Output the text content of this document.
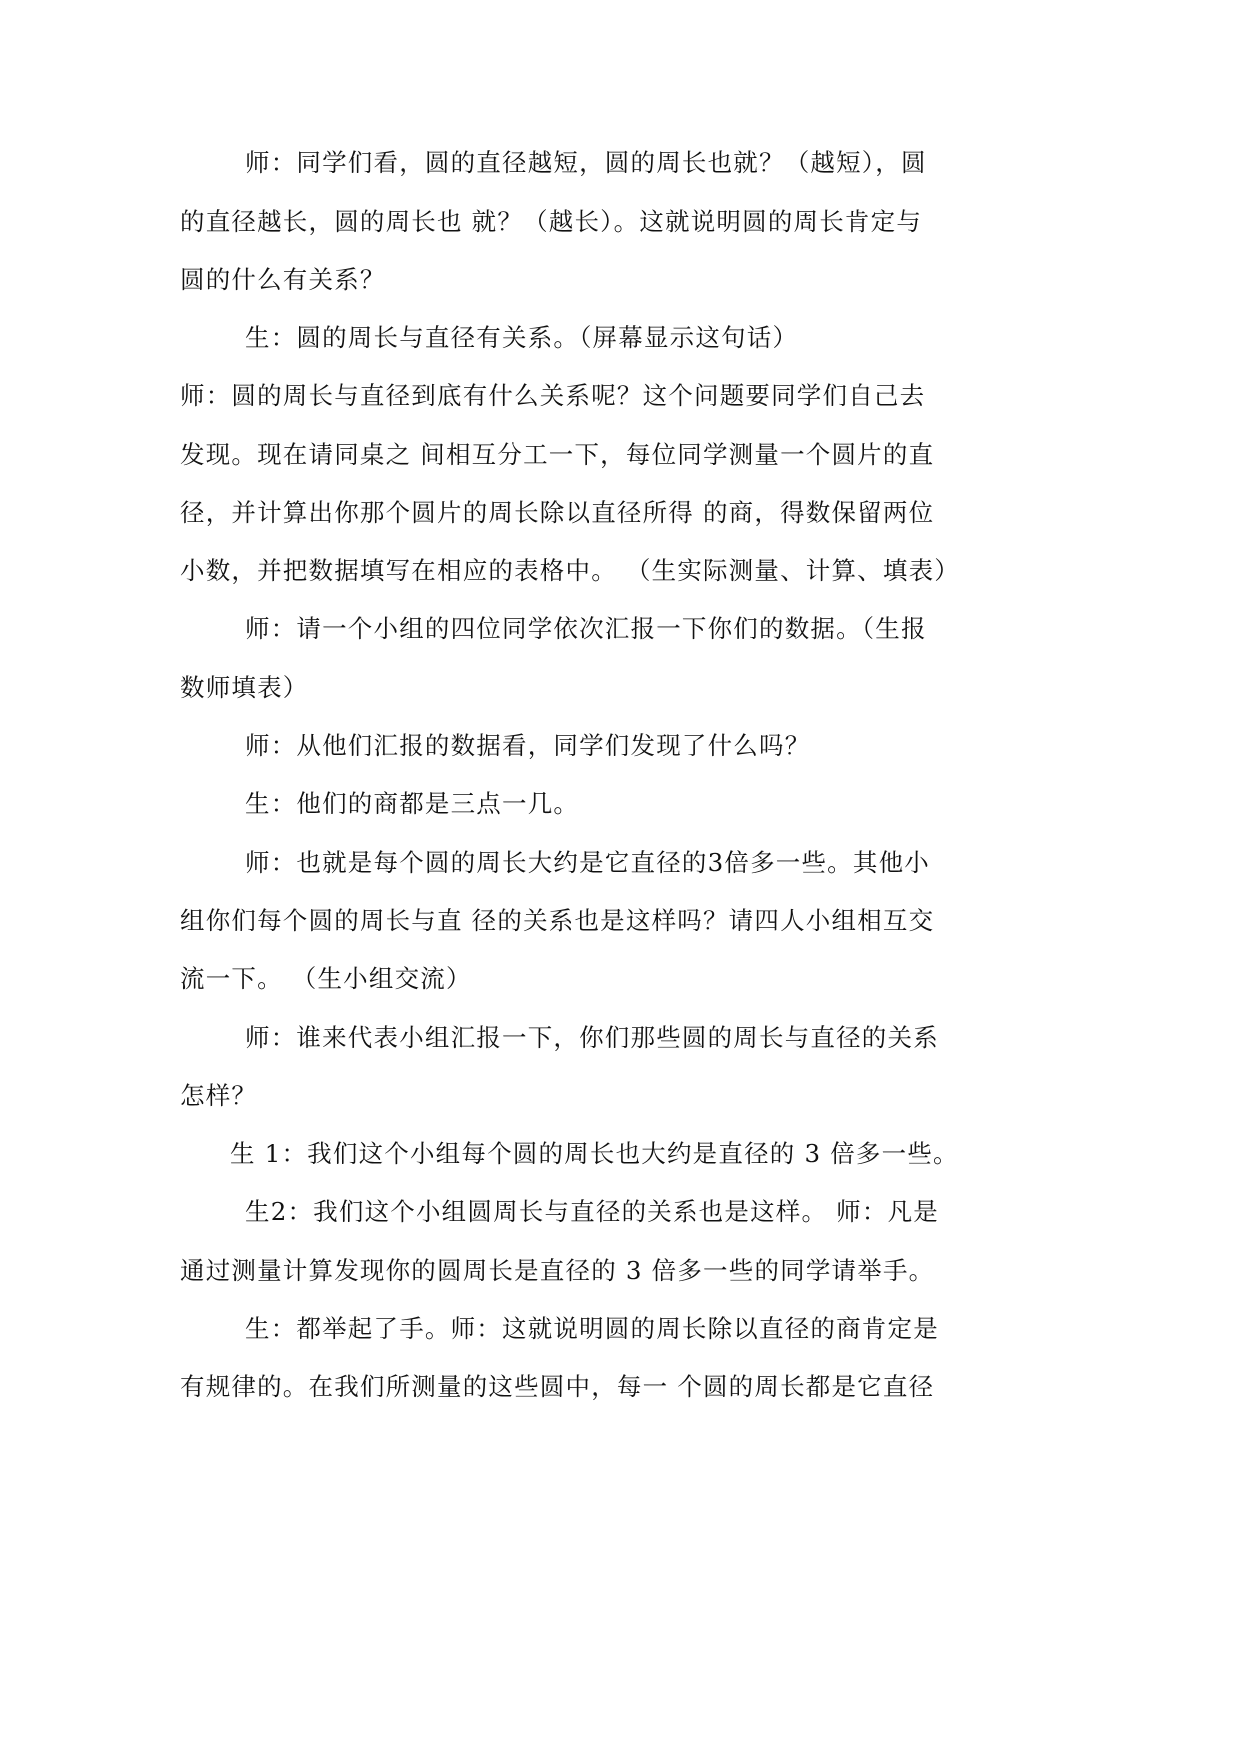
师：同学们看，圆的直径越短，圆的周长也就？（越短），圆
的直径越长，圆的周长也 就？（越长）。这就说明圆的周长肯定与
圆的什么有关系？
生：圆的周长与直径有关系。（屏幕显示这句话）
师：圆的周长与直径到底有什么关系呢？这个问题要同学们自己去
发现。现在请同桌之 间相互分工一下，每位同学测量一个圆片的直
径，并计算出你那个圆片的周长除以直径所得 的商，得数保留两位
小数，并把数据填写在相应的表格中。 （生实际测量、计算、填表）
师：请一个小组的四位同学依次汇报一下你们的数据。（生报
数师填表）
师：从他们汇报的数据看，同学们发现了什么吗？
生：他们的商都是三点一几。
师：也就是每个圆的周长大约是它直径的3倍多一些。其他小
组你们每个圆的周长与直 径的关系也是这样吗？请四人小组相互交
流一下。 （生小组交流）
师：谁来代表小组汇报一下，你们那些圆的周长与直径的关系
怎样？
生 1：我们这个小组每个圆的周长也大约是直径的 3 倍多一些。
生2：我们这个小组圆周长与直径的关系也是这样。 师：凡是
通过测量计算发现你的圆周长是直径的 3 倍多一些的同学请举手。
生：都举起了手。师：这就说明圆的周长除以直径的商肯定是
有规律的。在我们所测量的这些圆中，每一 个圆的周长都是它直径
